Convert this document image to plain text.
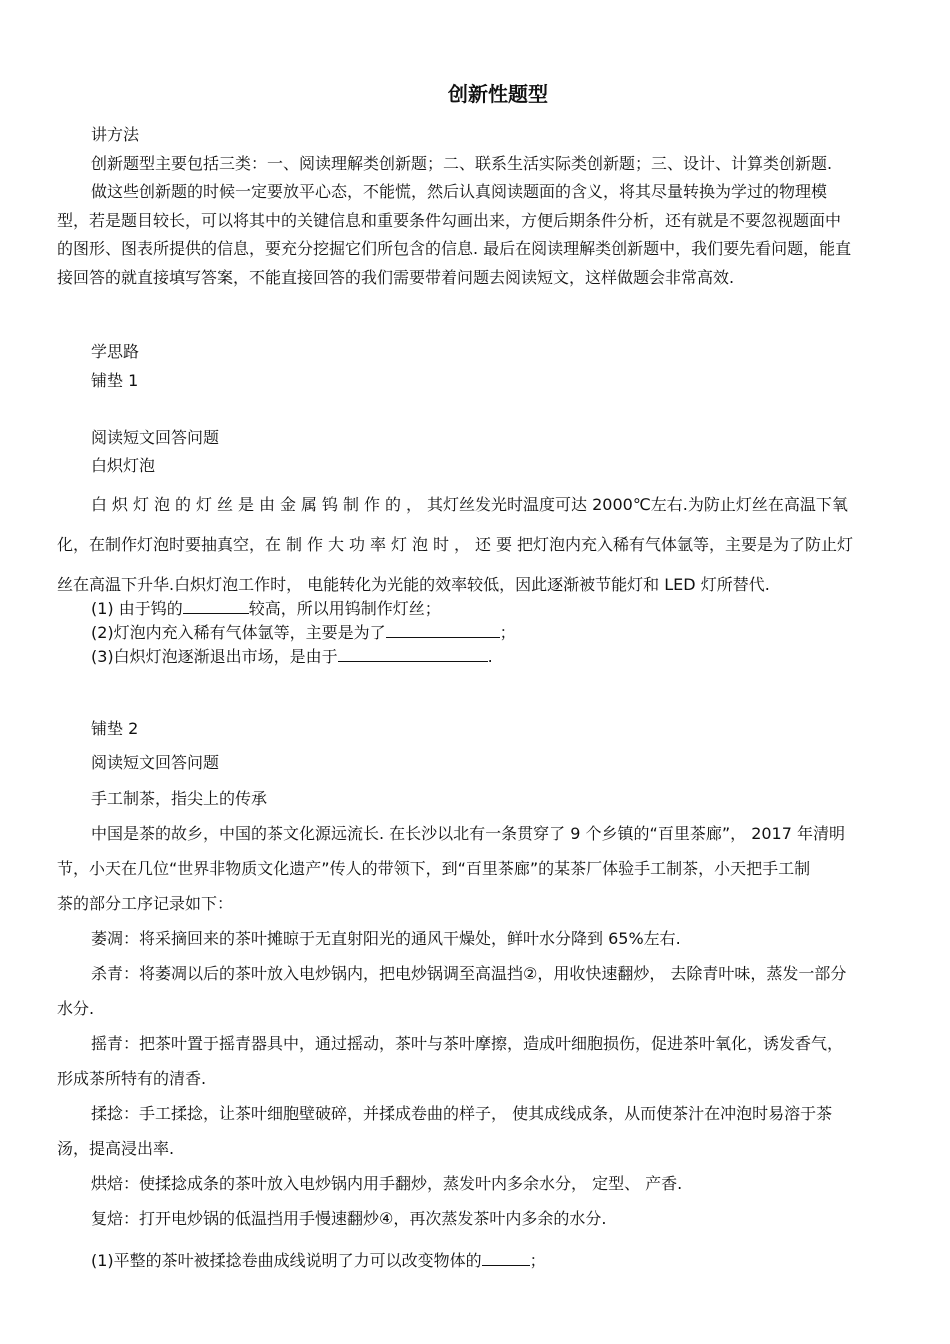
创新性题型
讲方法
创新题型主要包括三类：一、阅读理解类创新题；二、联系生活实际类创新题；三、设计、计算类创新题.
做这些创新题的时候一定要放平心态，不能慌，然后认真阅读题面的含义，将其尽量转换为学过的物理模
型，若是题目较长，可以将其中的关键信息和重要条件勾画出来，方便后期条件分析，还有就是不要忽视题面中
的图形、图表所提供的信息，要充分挖掘它们所包含的信息. 最后在阅读理解类创新题中，我们要先看问题，能直
接回答的就直接填写答案，不能直接回答的我们需要带着问题去阅读短文，这样做题会非常高效.
学思路
铺垫 1
阅读短文回答问题
白炽灯泡
白炽灯泡的灯丝是由金属钨制作的，其灯丝发光时温度可达 2000℃左右.为防止灯丝在高温下氧
化，在制作灯泡时要抽真空，在制作大功率灯泡时，还要把灯泡内充入稀有气体氩等，主要是为了防止灯
丝在高温下升华.白炽灯泡工作时， 电能转化为光能的效率较低，因此逐渐被节能灯和 LED 灯所替代.
(1) 由于钨的	较高，所以用钨制作灯丝；
(2)灯泡内充入稀有气体氩等，主要是为了	；
(3)白炽灯泡逐渐退出市场，是由于	.
铺垫 2
阅读短文回答问题
手工制茶，指尖上的传承
中国是茶的故乡，中国的茶文化源远流长. 在长沙以北有一条贯穿了 9 个乡镇的“百里茶廊”， 2017 年清明
节，小天在几位“世界非物质文化遗产”传人的带领下，到“百里茶廊”的某茶厂体验手工制茶，小天把手工制
茶的部分工序记录如下：
萎凋：将采摘回来的茶叶摊晾于无直射阳光的通风干燥处，鲜叶水分降到 65%左右.
杀青：将萎凋以后的茶叶放入电炒锅内，把电炒锅调至高温挡②，用收快速翻炒， 去除青叶味，蒸发一部分
水分.
摇青：把茶叶置于摇青器具中，通过摇动，茶叶与茶叶摩擦，造成叶细胞损伤，促进茶叶氧化，诱发香气，
形成茶所特有的清香.
揉捻：手工揉捻，让茶叶细胞壁破碎，并揉成卷曲的样子， 使其成线成条，从而使茶汁在冲泡时易溶于茶
汤，提高浸出率.
烘焙：使揉捻成条的茶叶放入电炒锅内用手翻炒，蒸发叶内多余水分， 定型、 产香.
复焙：打开电炒锅的低温挡用手慢速翻炒④，再次蒸发茶叶内多余的水分.
(1)平整的茶叶被揉捻卷曲成线说明了力可以改变物体的	；
